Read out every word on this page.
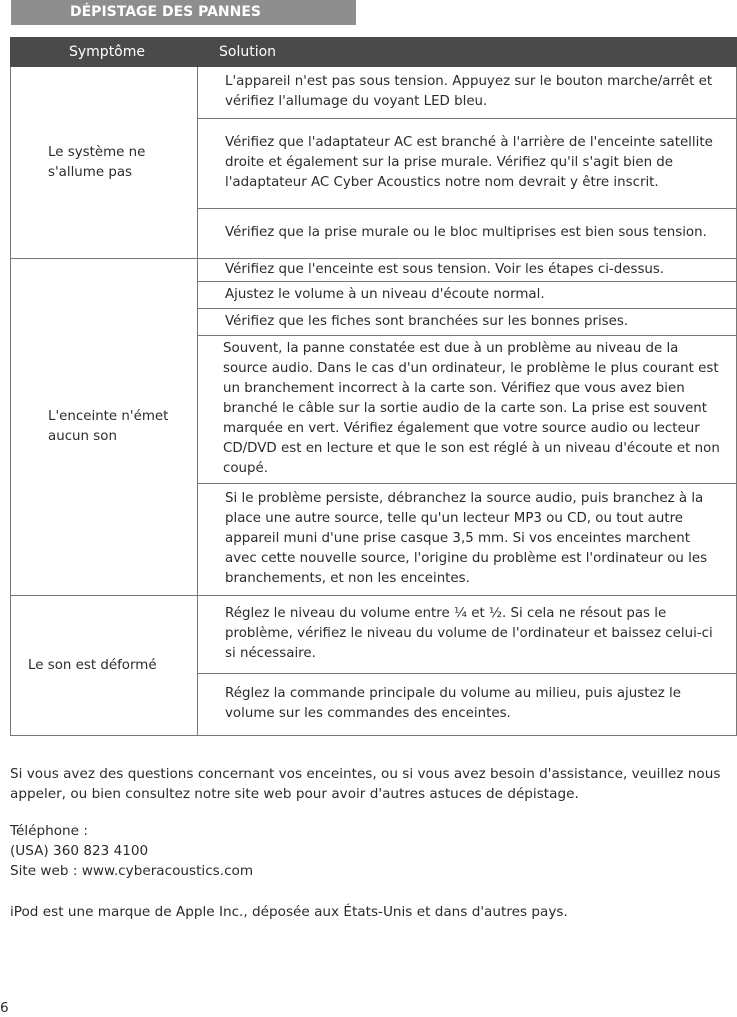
DÉPISTAGE DES PANNES
Symptôme	Solution
Le système ne s'allume pas	L'appareil n'est pas sous tension. Appuyez sur le bouton marche/arrêt et vérifiez l'allumage du voyant LED bleu.
	Vérifiez que l'adaptateur AC est branché à l'arrière de l'enceinte satellite droite et également sur la prise murale. Vérifiez qu'il s'agit bien de l'adaptateur AC Cyber Acoustics notre nom devrait y être inscrit.
	Vérifiez que la prise murale ou le bloc multiprises est bien sous tension.
L'enceinte n'émet aucun son	Vérifiez que l'enceinte est sous tension. Voir les étapes ci-dessus.
	Ajustez le volume à un niveau d'écoute normal.
	Vérifiez que les fiches sont branchées sur les bonnes prises.
	Souvent, la panne constatée est due à un problème au niveau de la source audio. Dans le cas d'un ordinateur, le problème le plus courant est un branchement incorrect à la carte son. Vérifiez que vous avez bien branché le câble sur la sortie audio de la carte son. La prise est souvent marquée en vert. Vérifiez également que votre source audio ou lecteur CD/DVD est en lecture et que le son est réglé à un niveau d'écoute et non coupé.
	Si le problème persiste, débranchez la source audio, puis branchez à la place une autre source, telle qu'un lecteur MP3 ou CD, ou tout autre appareil muni d'une prise casque 3,5 mm. Si vos enceintes marchent avec cette nouvelle source, l'origine du problème est l'ordinateur ou les branchements, et non les enceintes.
Le son est déformé	Réglez le niveau du volume entre ¼ et ½. Si cela ne résout pas le problème, vérifiez le niveau du volume de l'ordinateur et baissez celui-ci si nécessaire.
	Réglez la commande principale du volume au milieu, puis ajustez le volume sur les commandes des enceintes.
Si vous avez des questions concernant vos enceintes, ou si vous avez besoin d'assistance, veuillez nous appeler, ou bien consultez notre site web pour avoir d'autres astuces de dépistage.
Téléphone :
(USA) 360 823 4100
Site web : www.cyberacoustics.com
iPod est une marque de Apple Inc., déposée aux États-Unis et dans d'autres pays.
6
